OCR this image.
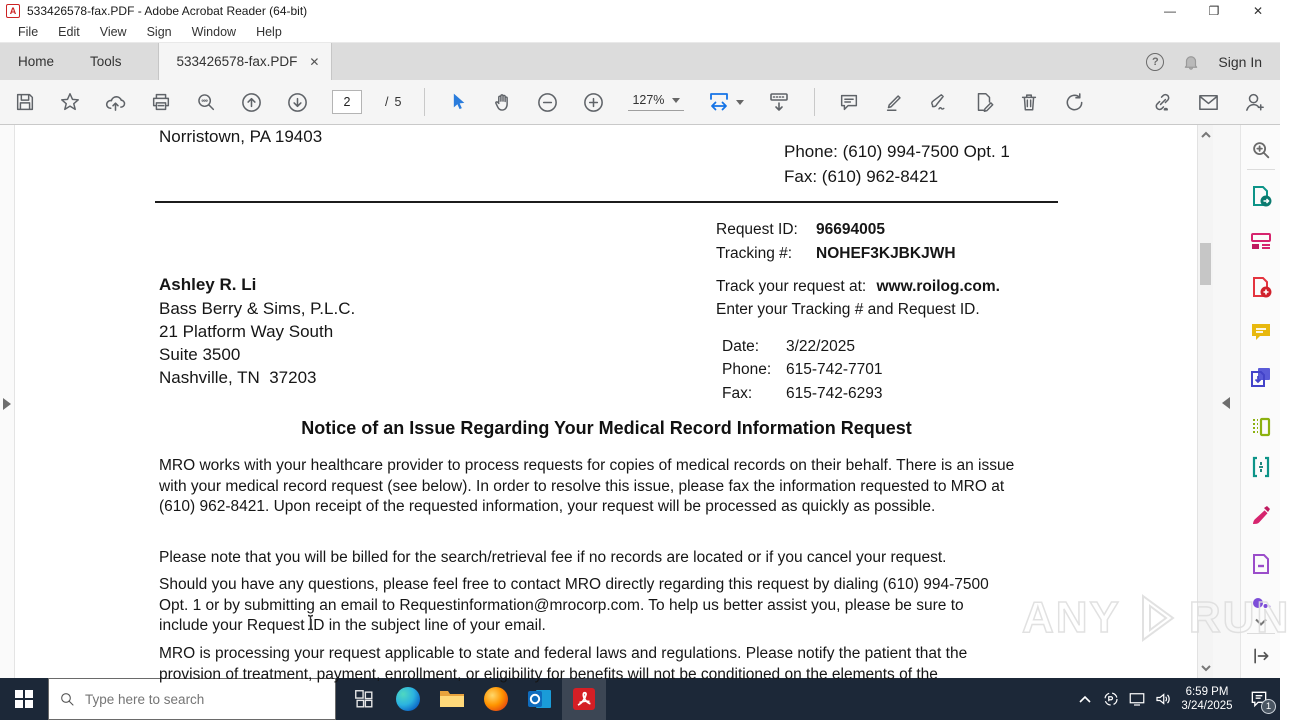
A 533426578-fax.PDF - Adobe Acrobat Reader (64-bit)	—	❐	✕
File	Edit	View	Sign	Window	Help
Home	Tools	533426578-fax.PDF ✕	?	Sign In
2	/ 5	127%
Norristown, PA 19403
Phone: (610) 994-7500 Opt. 1
Fax: (610) 962-8421
Request ID: 96694005
Tracking #: NOHEF3KJBKJWH
Ashley R. Li
Bass Berry & Sims, P.L.C.
21 Platform Way South
Suite 3500
Nashville, TN  37203
Track your request at: www.roilog.com.
Enter your Tracking # and Request ID.
Date: 3/22/2025
Phone: 615-742-7701
Fax: 615-742-6293
Notice of an Issue Regarding Your Medical Record Information Request
MRO works with your healthcare provider to process requests for copies of medical records on their behalf. There is an issue with your medical record request (see below). In order to resolve this issue, please fax the information requested to MRO at (610) 962-8421. Upon receipt of the requested information, your request will be processed as quickly as possible.
Please note that you will be billed for the search/retrieval fee if no records are located or if you cancel your request.
Should you have any questions, please feel free to contact MRO directly regarding this request by dialing (610) 994-7500 Opt. 1 or by submitting an email to Requestinformation@mrocorp.com. To help us better assist you, please be sure to include your Request ID in the subject line of your email.
MRO is processing your request applicable to state and federal laws and regulations. Please notify the patient that the provision of treatment, payment, enrollment, or eligibility for benefits will not be conditioned on the elements of the
Type here to search
6:59 PM
3/24/2025	1
